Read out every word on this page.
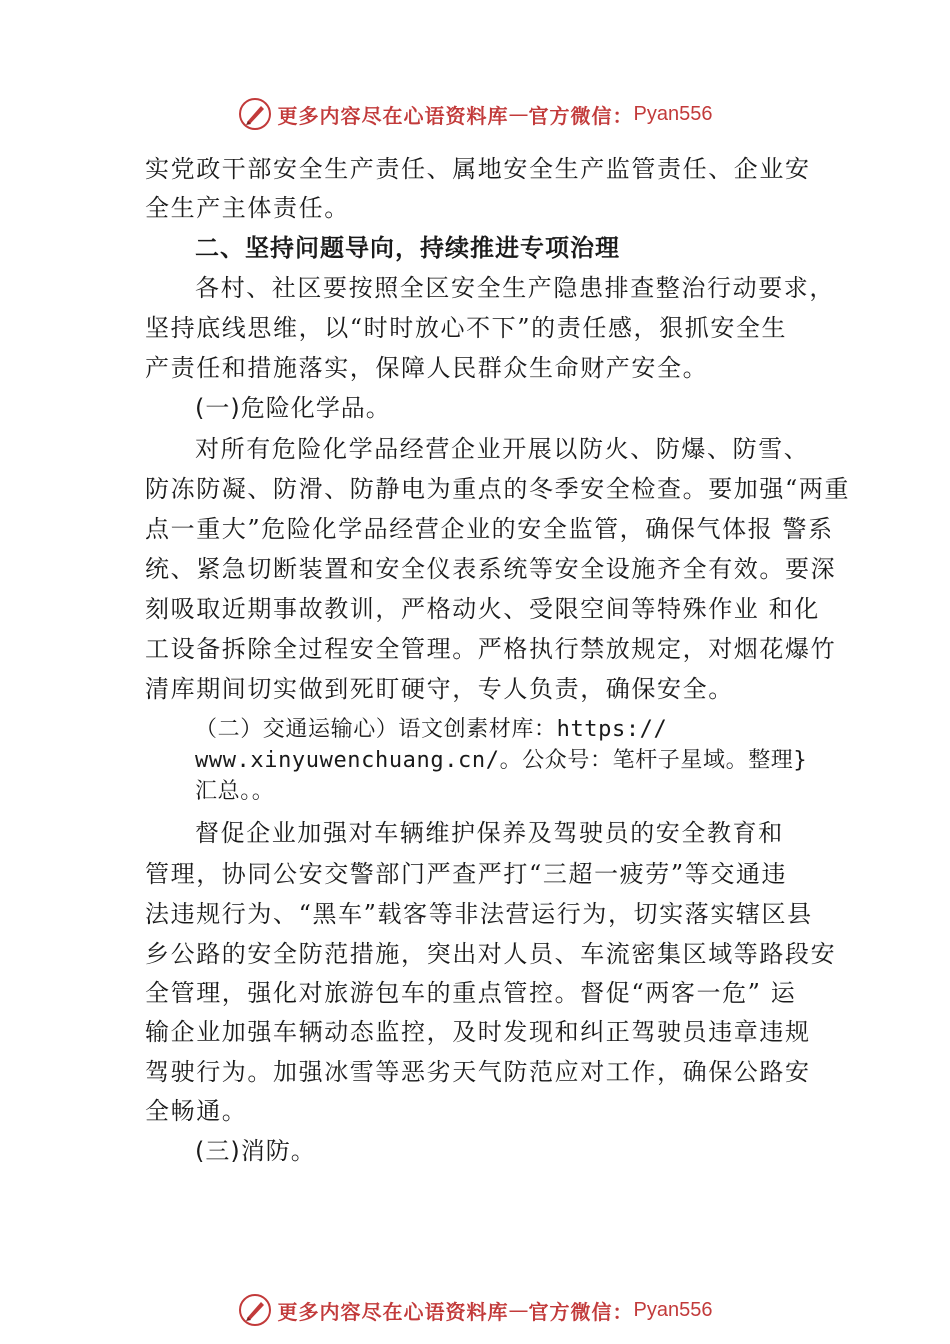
更多内容尽在心语资料库 — 官方微信： Pyan556
实党政干部安全生产责任、属地安全生产监管责任、企业安
全生产主体责任。
二、坚持问题导向，持续推进专项治理
各村、社区要按照全区安全生产隐患排查整治行动要求，
坚持底线思维，以“时时放心不下”的责任感，狠抓安全生
产责任和措施落实，保障人民群众生命财产安全。
(一)危险化学品。
对所有危险化学品经营企业开展以防火、防爆、防雪、
防冻防凝、防滑、防静电为重点的冬季安全检查。要加强“两重
点一重大”危险化学品经营企业的安全监管，确保气体报 警系
统、紧急切断装置和安全仪表系统等安全设施齐全有效。要深
刻吸取近期事故教训，严格动火、受限空间等特殊作业 和化
工设备拆除全过程安全管理。严格执行禁放规定，对烟花爆竹
清库期间切实做到死盯硬守，专人负责，确保安全。
（二）交通运输心）语文创素材库：https://
www.xinyuwenchuang.cn/。公众号：笔杆子星域。整理}
汇总。。
督促企业加强对车辆维护保养及驾驶员的安全教育和
管理，协同公安交警部门严查严打“三超一疲劳”等交通违
法违规行为、“黑车”载客等非法营运行为，切实落实辖区县
乡公路的安全防范措施，突出对人员、车流密集区域等路段安
全管理，强化对旅游包车的重点管控。督促“两客一危” 运
输企业加强车辆动态监控，及时发现和纠正驾驶员违章违规
驾驶行为。加强冰雪等恶劣天气防范应对工作，确保公路安
全畅通。
(三)消防。
更多内容尽在心语资料库 — 官方微信： Pyan556
